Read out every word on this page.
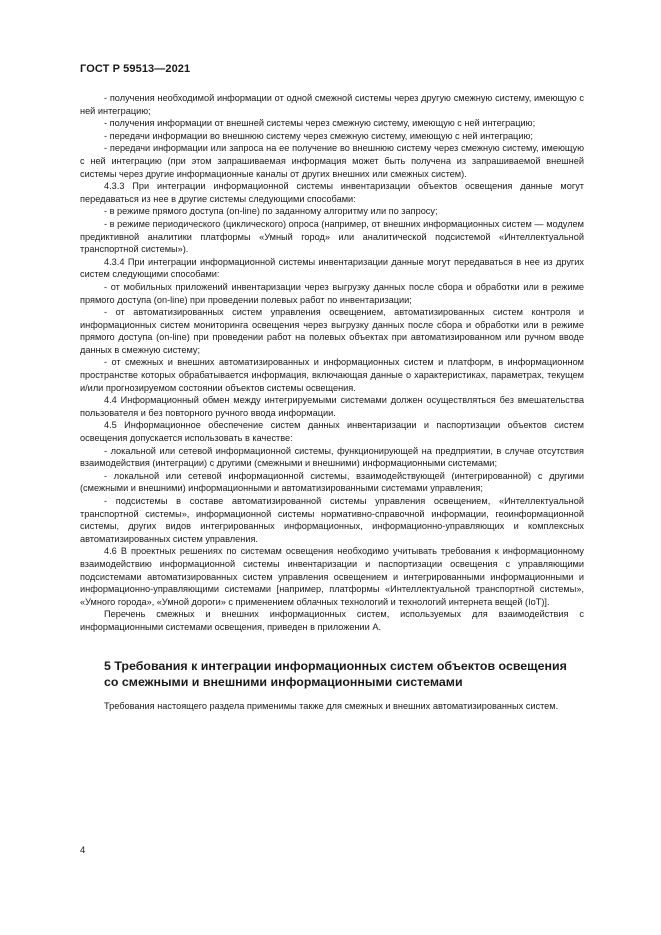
ГОСТ Р 59513—2021

- получения необходимой информации от одной смежной системы через другую смежную систему, имеющую с ней интеграцию;

- получения информации от внешней системы через смежную систему, имеющую с ней интеграцию;

- передачи информации во внешнюю систему через смежную систему, имеющую с ней интеграцию;

- передачи информации или запроса на ее получение во внешнюю систему через смежную систему, имеющую с ней интеграцию (при этом запрашиваемая информация может быть получена из запрашиваемой внешней системы через другие информационные каналы от других внешних или смежных систем).

4.3.3 При интеграции информационной системы инвентаризации объектов освещения данные могут передаваться из нее в другие системы следующими способами:

- в режиме прямого доступа (on-line) по заданному алгоритму или по запросу;

- в режиме периодического (циклического) опроса (например, от внешних информационных систем — модулем предиктивной аналитики платформы «Умный город» или аналитической подсистемой «Интеллектуальной транспортной системы»).

4.3.4 При интеграции информационной системы инвентаризации данные могут передаваться в нее из других систем следующими способами:

- от мобильных приложений инвентаризации через выгрузку данных после сбора и обработки или в режиме прямого доступа (on-line) при проведении полевых работ по инвентаризации;

- от автоматизированных систем управления освещением, автоматизированных систем контроля и информационных систем мониторинга освещения через выгрузку данных после сбора и обработки или в режиме прямого доступа (on-line) при проведении работ на полевых объектах при автоматизированном или ручном вводе данных в смежную систему;

- от смежных и внешних автоматизированных и информационных систем и платформ, в информационном пространстве которых обрабатывается информация, включающая данные о характеристиках, параметрах, текущем и/или прогнозируемом состоянии объектов системы освещения.

4.4 Информационный обмен между интегрируемыми системами должен осуществляться без вмешательства пользователя и без повторного ручного ввода информации.

4.5 Информационное обеспечение систем данных инвентаризации и паспортизации объектов систем освещения допускается использовать в качестве:

- локальной или сетевой информационной системы, функционирующей на предприятии, в случае отсутствия взаимодействия (интеграции) с другими (смежными и внешними) информационными системами;

- локальной или сетевой информационной системы, взаимодействующей (интегрированной) с другими (смежными и внешними) информационными и автоматизированными системами управления;

- подсистемы в составе автоматизированной системы управления освещением, «Интеллектуальной транспортной системы», информационной системы нормативно-справочной информации, геоинформационной системы, других видов интегрированных информационных, информационно-управляющих и комплексных автоматизированных систем управления.

4.6 В проектных решениях по системам освещения необходимо учитывать требования к информационному взаимодействию информационной системы инвентаризации и паспортизации освещения с управляющими подсистемами автоматизированных систем управления освещением и интегрированными информационными и информационно-управляющими системами [например, платформы «Интеллектуальной транспортной системы», «Умного города», «Умной дороги» с применением облачных технологий и технологий интернета вещей (IoT)].

Перечень смежных и внешних информационных систем, используемых для взаимодействия с информационными системами освещения, приведен в приложении А.

5 Требования к интеграции информационных систем объектов освещения
со смежными и внешними информационными системами

Требования настоящего раздела применимы также для смежных и внешних автоматизированных систем.

4
